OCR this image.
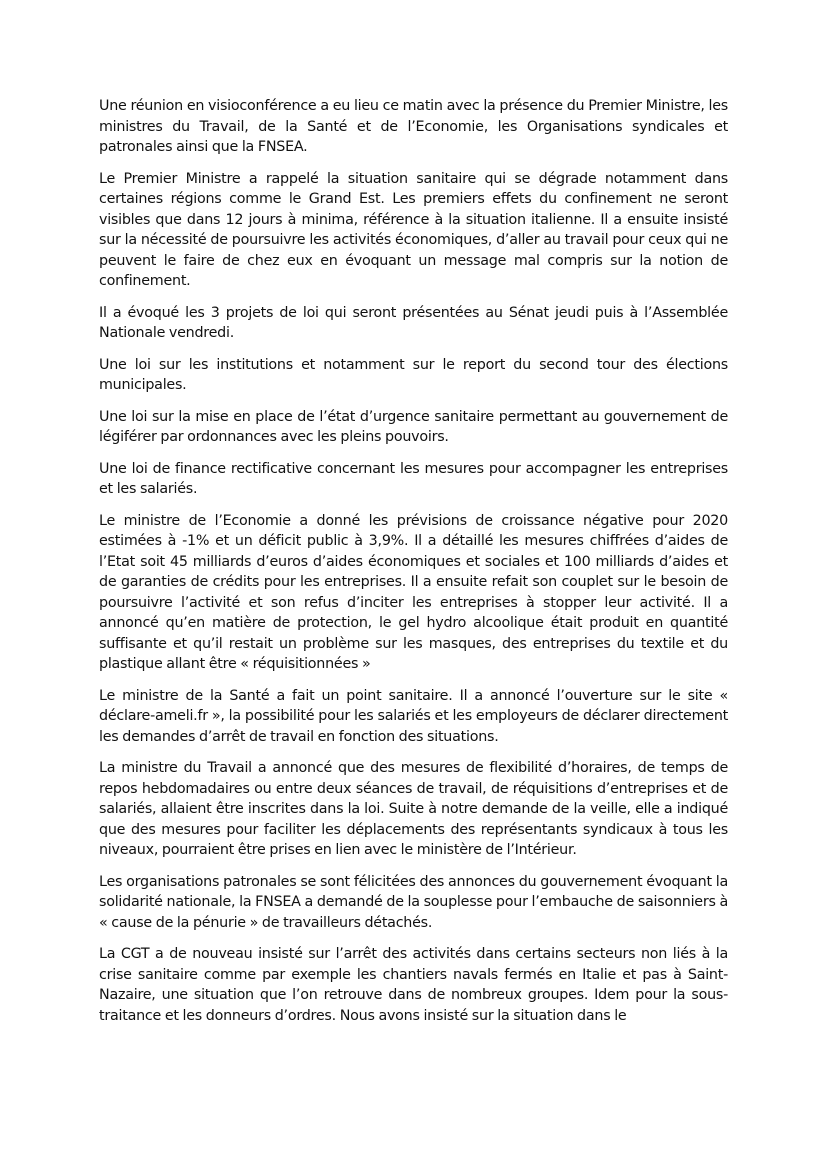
Une réunion en visioconférence a eu lieu ce matin avec la présence du Premier Ministre, les ministres du Travail, de la Santé et de l’Economie, les Organisations syndicales et patronales ainsi que la FNSEA.

Le Premier Ministre a rappelé la situation sanitaire qui se dégrade notamment dans certaines régions comme le Grand Est. Les premiers effets du confinement ne seront visibles que dans 12 jours à minima, référence à la situation italienne. Il a ensuite insisté sur la nécessité de poursuivre les activités économiques, d’aller au travail pour ceux qui ne peuvent le faire de chez eux en évoquant un message mal compris sur la notion de confinement.

Il a évoqué les 3 projets de loi qui seront présentées au Sénat jeudi puis à l’Assemblée Nationale vendredi.

Une loi sur les institutions et notamment sur le report du second tour des élections municipales.

Une loi sur la mise en place de l’état d’urgence sanitaire permettant au gouvernement de légiférer par ordonnances avec les pleins pouvoirs.

Une loi de finance rectificative concernant les mesures pour accompagner les entreprises et les salariés.

Le ministre de l’Economie a donné les prévisions de croissance négative pour 2020 estimées à -1% et un déficit public à 3,9%. Il a détaillé les mesures chiffrées d’aides de l’Etat soit 45 milliards d’euros d’aides économiques et sociales et 100 milliards d’aides et de garanties de crédits pour les entreprises. Il a ensuite refait son couplet sur le besoin de poursuivre l’activité et son refus d’inciter les entreprises à stopper leur activité. Il a annoncé qu’en matière de protection, le gel hydro alcoolique était produit en quantité suffisante et qu’il restait un problème sur les masques, des entreprises du textile et du plastique allant être « réquisitionnées »

Le ministre de la Santé a fait un point sanitaire. Il a annoncé l’ouverture sur le site « déclare-ameli.fr », la possibilité pour les salariés et les employeurs de déclarer directement les demandes d’arrêt de travail en fonction des situations.

La ministre du Travail a annoncé que des mesures de flexibilité d’horaires, de temps de repos hebdomadaires ou entre deux séances de travail, de réquisitions d’entreprises et de salariés, allaient être inscrites dans la loi. Suite à notre demande de la veille, elle a indiqué que des mesures pour faciliter les déplacements des représentants syndicaux à tous les niveaux, pourraient être prises en lien avec le ministère de l’Intérieur.

Les organisations patronales se sont félicitées des annonces du gouvernement évoquant la solidarité nationale, la FNSEA a demandé de la souplesse pour l’embauche de saisonniers à « cause de la pénurie » de travailleurs détachés.

La CGT a de nouveau insisté sur l’arrêt des activités dans certains secteurs non liés à la crise sanitaire comme par exemple les chantiers navals fermés en Italie et pas à Saint-Nazaire, une situation que l’on retrouve dans de nombreux groupes. Idem pour la sous-traitance et les donneurs d’ordres. Nous avons insisté sur la situation dans le
